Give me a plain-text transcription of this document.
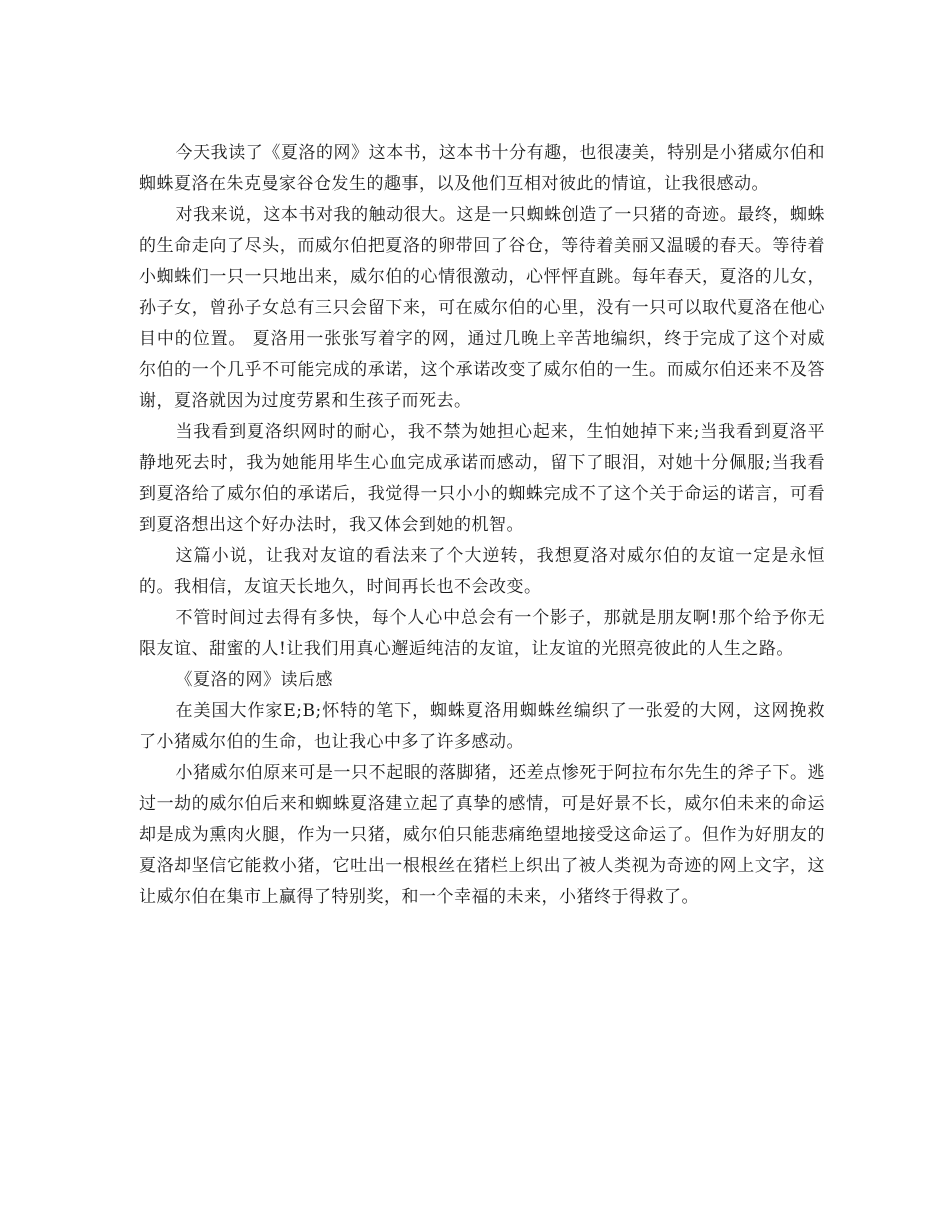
今天我读了《夏洛的网》这本书，这本书十分有趣，也很凄美，特别是小猪威尔伯和蜘蛛夏洛在朱克曼家谷仓发生的趣事，以及他们互相对彼此的情谊，让我很感动。

对我来说，这本书对我的触动很大。这是一只蜘蛛创造了一只猪的奇迹。最终，蜘蛛的生命走向了尽头，而威尔伯把夏洛的卵带回了谷仓，等待着美丽又温暖的春天。等待着小蜘蛛们一只一只地出来，威尔伯的心情很激动，心怦怦直跳。每年春天，夏洛的儿女，孙子女，曾孙子女总有三只会留下来，可在威尔伯的心里，没有一只可以取代夏洛在他心目中的位置。 夏洛用一张张写着字的网，通过几晚上辛苦地编织，终于完成了这个对威尔伯的一个几乎不可能完成的承诺，这个承诺改变了威尔伯的一生。而威尔伯还来不及答谢，夏洛就因为过度劳累和生孩子而死去。

当我看到夏洛织网时的耐心，我不禁为她担心起来，生怕她掉下来;当我看到夏洛平静地死去时，我为她能用毕生心血完成承诺而感动，留下了眼泪，对她十分佩服;当我看到夏洛给了威尔伯的承诺后，我觉得一只小小的蜘蛛完成不了这个关于命运的诺言，可看到夏洛想出这个好办法时，我又体会到她的机智。

这篇小说，让我对友谊的看法来了个大逆转，我想夏洛对威尔伯的友谊一定是永恒的。我相信，友谊天长地久，时间再长也不会改变。

不管时间过去得有多快，每个人心中总会有一个影子，那就是朋友啊!那个给予你无限友谊、甜蜜的人!让我们用真心邂逅纯洁的友谊，让友谊的光照亮彼此的人生之路。

《夏洛的网》读后感

在美国大作家E;B;怀特的笔下，蜘蛛夏洛用蜘蛛丝编织了一张爱的大网，这网挽救了小猪威尔伯的生命，也让我心中多了许多感动。

小猪威尔伯原来可是一只不起眼的落脚猪，还差点惨死于阿拉布尔先生的斧子下。逃过一劫的威尔伯后来和蜘蛛夏洛建立起了真挚的感情，可是好景不长，威尔伯未来的命运却是成为熏肉火腿，作为一只猪，威尔伯只能悲痛绝望地接受这命运了。但作为好朋友的夏洛却坚信它能救小猪，它吐出一根根丝在猪栏上织出了被人类视为奇迹的网上文字，这让威尔伯在集市上赢得了特别奖，和一个幸福的未来，小猪终于得救了。
